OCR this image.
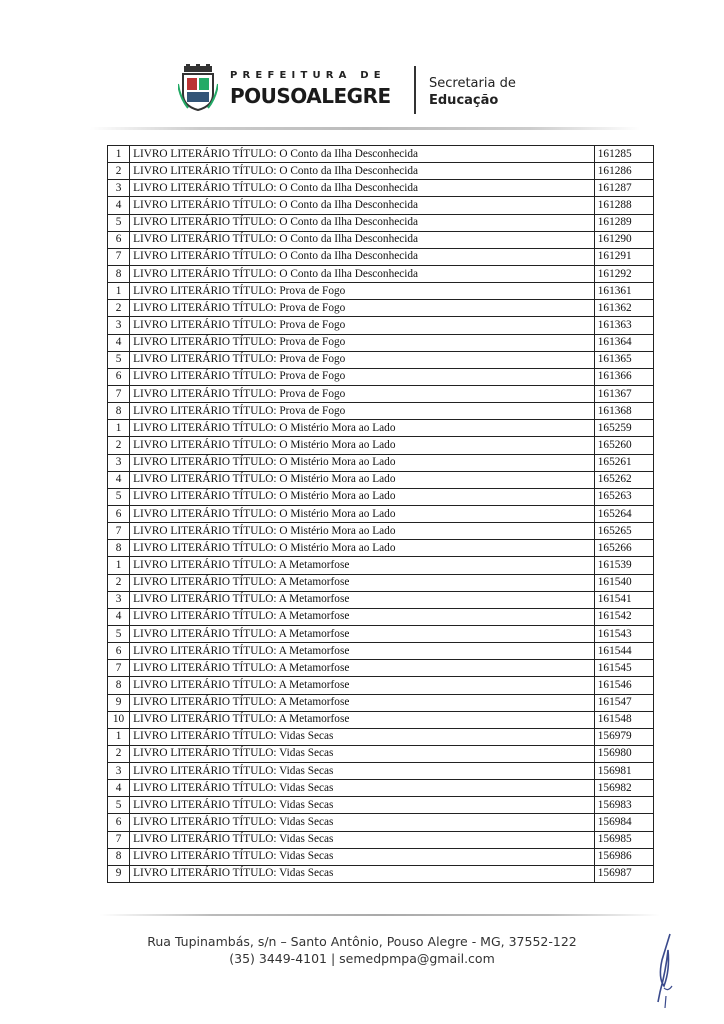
PREFEITURA DE
POUSOALEGRE
Secretaria de
Educação
1	LIVRO LITERÁRIO TÍTULO: O Conto da Ilha Desconhecida	161285
2	LIVRO LITERÁRIO TÍTULO: O Conto da Ilha Desconhecida	161286
3	LIVRO LITERÁRIO TÍTULO: O Conto da Ilha Desconhecida	161287
4	LIVRO LITERÁRIO TÍTULO: O Conto da Ilha Desconhecida	161288
5	LIVRO LITERÁRIO TÍTULO: O Conto da Ilha Desconhecida	161289
6	LIVRO LITERÁRIO TÍTULO: O Conto da Ilha Desconhecida	161290
7	LIVRO LITERÁRIO TÍTULO: O Conto da Ilha Desconhecida	161291
8	LIVRO LITERÁRIO TÍTULO: O Conto da Ilha Desconhecida	161292
1	LIVRO LITERÁRIO TÍTULO: Prova de Fogo	161361
2	LIVRO LITERÁRIO TÍTULO: Prova de Fogo	161362
3	LIVRO LITERÁRIO TÍTULO: Prova de Fogo	161363
4	LIVRO LITERÁRIO TÍTULO: Prova de Fogo	161364
5	LIVRO LITERÁRIO TÍTULO: Prova de Fogo	161365
6	LIVRO LITERÁRIO TÍTULO: Prova de Fogo	161366
7	LIVRO LITERÁRIO TÍTULO: Prova de Fogo	161367
8	LIVRO LITERÁRIO TÍTULO: Prova de Fogo	161368
1	LIVRO LITERÁRIO TÍTULO: O Mistério Mora ao Lado	165259
2	LIVRO LITERÁRIO TÍTULO: O Mistério Mora ao Lado	165260
3	LIVRO LITERÁRIO TÍTULO: O Mistério Mora ao Lado	165261
4	LIVRO LITERÁRIO TÍTULO: O Mistério Mora ao Lado	165262
5	LIVRO LITERÁRIO TÍTULO: O Mistério Mora ao Lado	165263
6	LIVRO LITERÁRIO TÍTULO: O Mistério Mora ao Lado	165264
7	LIVRO LITERÁRIO TÍTULO: O Mistério Mora ao Lado	165265
8	LIVRO LITERÁRIO TÍTULO: O Mistério Mora ao Lado	165266
1	LIVRO LITERÁRIO TÍTULO: A Metamorfose	161539
2	LIVRO LITERÁRIO TÍTULO: A Metamorfose	161540
3	LIVRO LITERÁRIO TÍTULO: A Metamorfose	161541
4	LIVRO LITERÁRIO TÍTULO: A Metamorfose	161542
5	LIVRO LITERÁRIO TÍTULO: A Metamorfose	161543
6	LIVRO LITERÁRIO TÍTULO: A Metamorfose	161544
7	LIVRO LITERÁRIO TÍTULO: A Metamorfose	161545
8	LIVRO LITERÁRIO TÍTULO: A Metamorfose	161546
9	LIVRO LITERÁRIO TÍTULO: A Metamorfose	161547
10	LIVRO LITERÁRIO TÍTULO: A Metamorfose	161548
1	LIVRO LITERÁRIO TÍTULO: Vidas Secas	156979
2	LIVRO LITERÁRIO TÍTULO: Vidas Secas	156980
3	LIVRO LITERÁRIO TÍTULO: Vidas Secas	156981
4	LIVRO LITERÁRIO TÍTULO: Vidas Secas	156982
5	LIVRO LITERÁRIO TÍTULO: Vidas Secas	156983
6	LIVRO LITERÁRIO TÍTULO: Vidas Secas	156984
7	LIVRO LITERÁRIO TÍTULO: Vidas Secas	156985
8	LIVRO LITERÁRIO TÍTULO: Vidas Secas	156986
9	LIVRO LITERÁRIO TÍTULO: Vidas Secas	156987
Rua Tupinambás, s/n – Santo Antônio, Pouso Alegre - MG, 37552-122
(35) 3449-4101 | semedpmpa@gmail.com
